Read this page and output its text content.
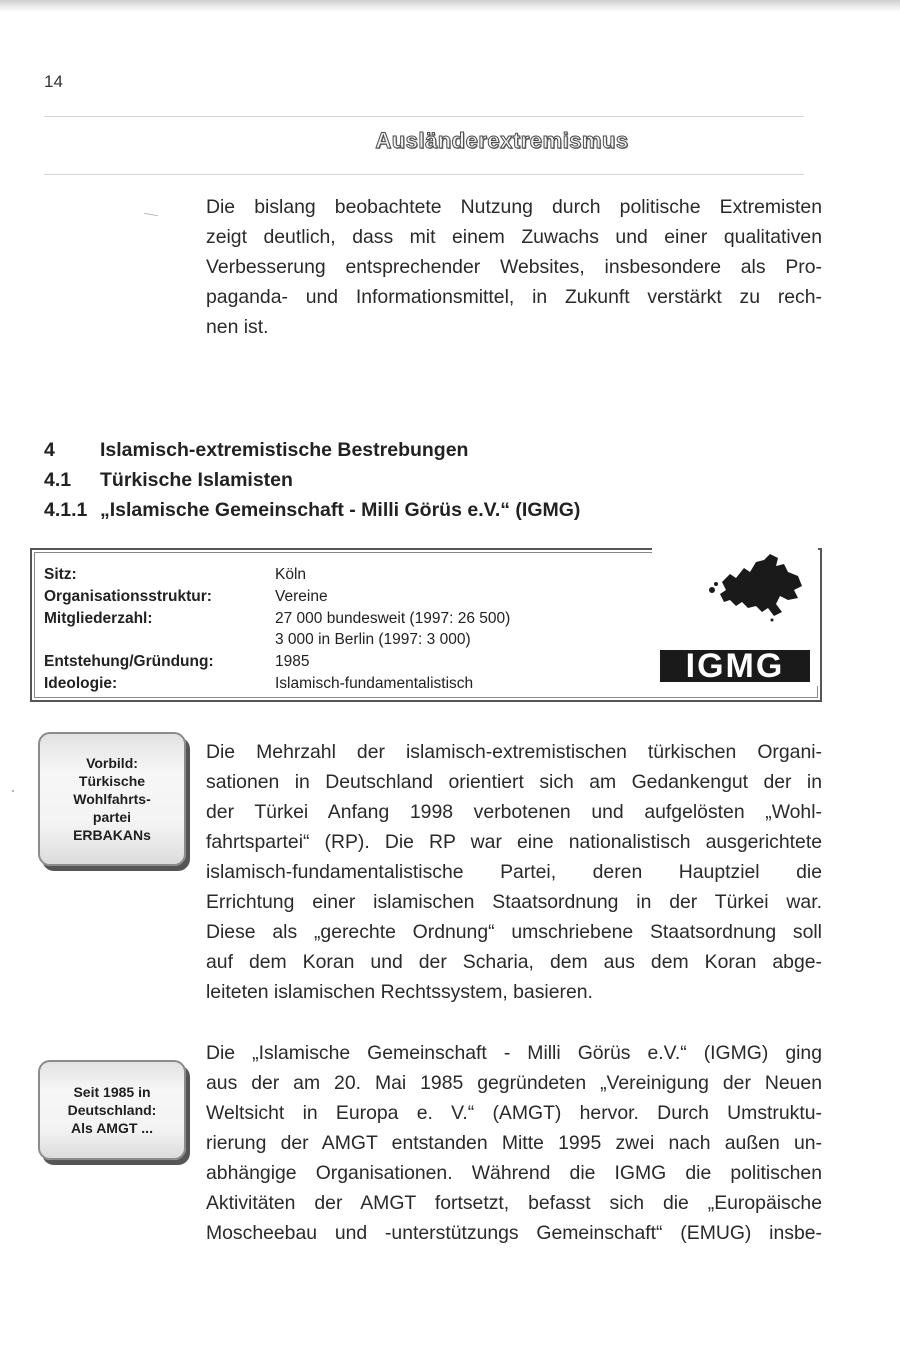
14
Ausländerextremismus

Die bislang beobachtete Nutzung durch politische Extremisten
zeigt deutlich, dass mit einem Zuwachs und einer qualitativen
Verbesserung entsprechender Websites, insbesondere als Pro-
paganda- und Informationsmittel, in Zukunft verstärkt zu rech-
nen ist.

4	Islamisch-extremistische Bestrebungen
4.1	Türkische Islamisten
4.1.1 „Islamische Gemeinschaft - Milli Görüs e.V.“ (IGMG)
Sitz:	Köln
Organisationsstruktur:	Vereine
Mitgliederzahl:	27 000 bundesweit (1997: 26 500)
3 000 in Berlin (1997: 3 000)
Entstehung/Gründung:	1985
Ideologie:	Islamisch-fundamentalistisch	IGMG
Vorbild:
Türkische
Wohlfahrts-
partei
ERBAKANs

Die Mehrzahl der islamisch-extremistischen türkischen Organi-
sationen in Deutschland orientiert sich am Gedankengut der in
der Türkei Anfang 1998 verbotenen und aufgelösten „Wohl-
fahrtspartei“ (RP). Die RP war eine nationalistisch ausgerichtete
islamisch-fundamentalistische Partei, deren Hauptziel die
Errichtung einer islamischen Staatsordnung in der Türkei war.
Diese als „gerechte Ordnung“ umschriebene Staatsordnung soll
auf dem Koran und der Scharia, dem aus dem Koran abge-
leiteten islamischen Rechtssystem, basieren.

Seit 1985 in
Deutschland:
Als AMGT ...

Die „Islamische Gemeinschaft - Milli Görüs e.V.“ (IGMG) ging
aus der am 20. Mai 1985 gegründeten „Vereinigung der Neuen
Weltsicht in Europa e. V.“ (AMGT) hervor. Durch Umstruktu-
rierung der AMGT entstanden Mitte 1995 zwei nach außen un-
abhängige Organisationen. Während die IGMG die politischen
Aktivitäten der AMGT fortsetzt, befasst sich die „Europäische
Moscheebau und -unterstützungs Gemeinschaft“ (EMUG) insbe-
